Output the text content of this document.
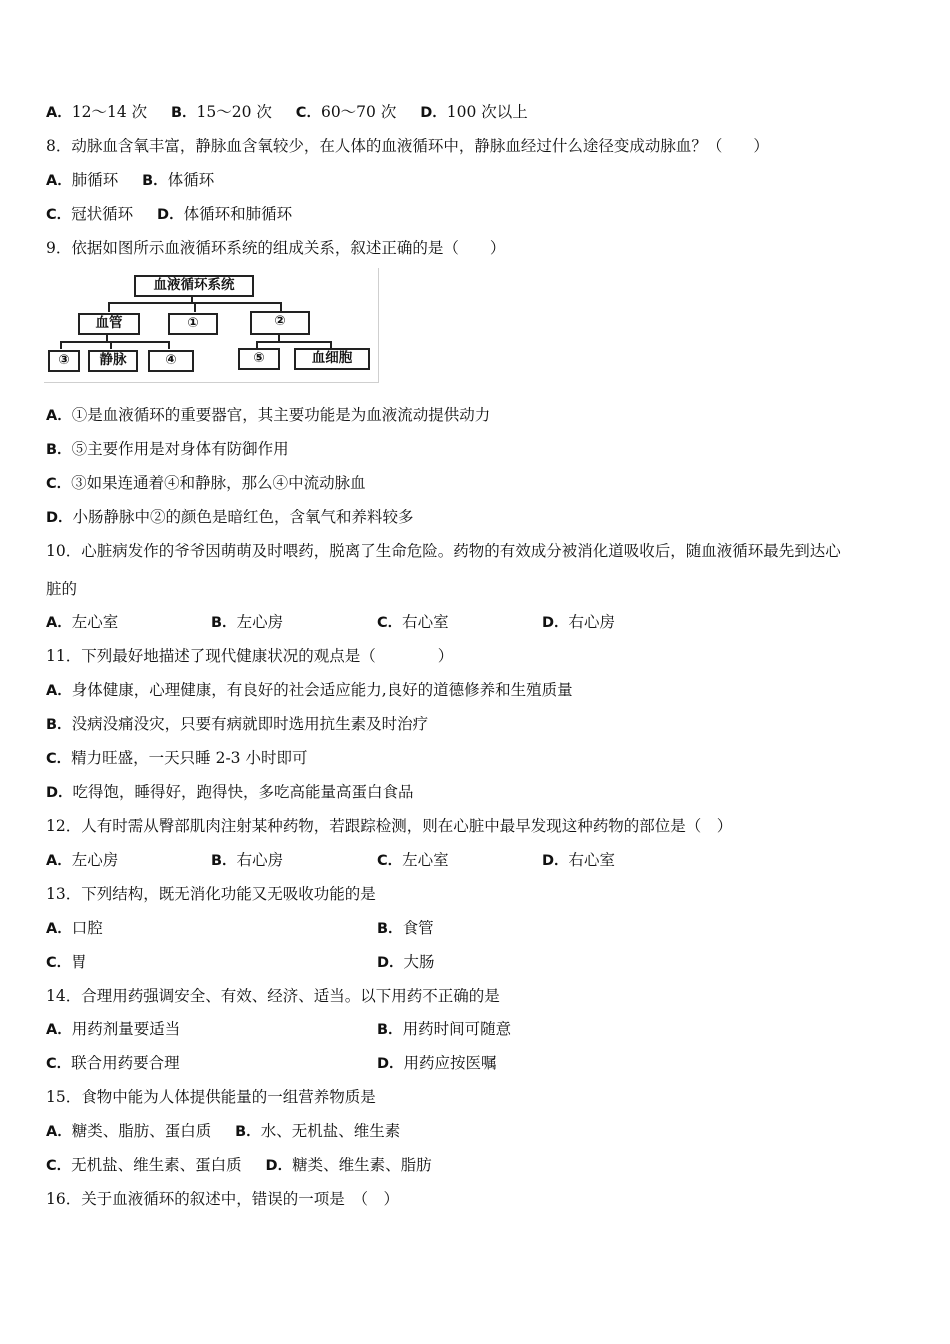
A．12～14 次 B．15～20 次 C．60～70 次 D．100 次以上
8．动脉血含氧丰富，静脉血含氧较少，在人体的血液循环中，静脉血经过什么途径变成动脉血？（　　）
A．肺循环 B．体循环
C．冠状循环 D．体循环和肺循环
9．依据如图所示血液循环系统的组成关系，叙述正确的是（　　）
血液循环系统
血管	①	②
③	静脉	④	⑤	血细胞
A．①是血液循环的重要器官，其主要功能是为血液流动提供动力
B．⑤主要作用是对身体有防御作用
C．③如果连通着④和静脉，那么④中流动脉血
D．小肠静脉中②的颜色是暗红色，含氧气和养料较多
10．心脏病发作的爷爷因萌萌及时喂药，脱离了生命危险。药物的有效成分被消化道吸收后，随血液循环最先到达心
脏的
A．左心室	B．左心房	C．右心室	D．右心房
11．下列最好地描述了现代健康状况的观点是（　　　　）
A．身体健康，心理健康，有良好的社会适应能力,良好的道德修养和生殖质量
B．没病没痛没灾，只要有病就即时选用抗生素及时治疗
C．精力旺盛，一天只睡 2-3 小时即可
D．吃得饱，睡得好，跑得快，多吃高能量高蛋白食品
12．人有时需从臀部肌肉注射某种药物，若跟踪检测，则在心脏中最早发现这种药物的部位是（　）
A．左心房	B．右心房	C．左心室	D．右心室
13．下列结构，既无消化功能又无吸收功能的是
A．口腔	B．食管
C．胃	D．大肠
14．合理用药强调安全、有效、经济、适当。以下用药不正确的是
A．用药剂量要适当	B．用药时间可随意
C．联合用药要合理	D．用药应按医嘱
15．食物中能为人体提供能量的一组营养物质是
A．糖类、脂肪、蛋白质 B．水、无机盐、维生素
C．无机盐、维生素、蛋白质 D．糖类、维生素、脂肪
16．关于血液循环的叙述中，错误的一项是　（　）
